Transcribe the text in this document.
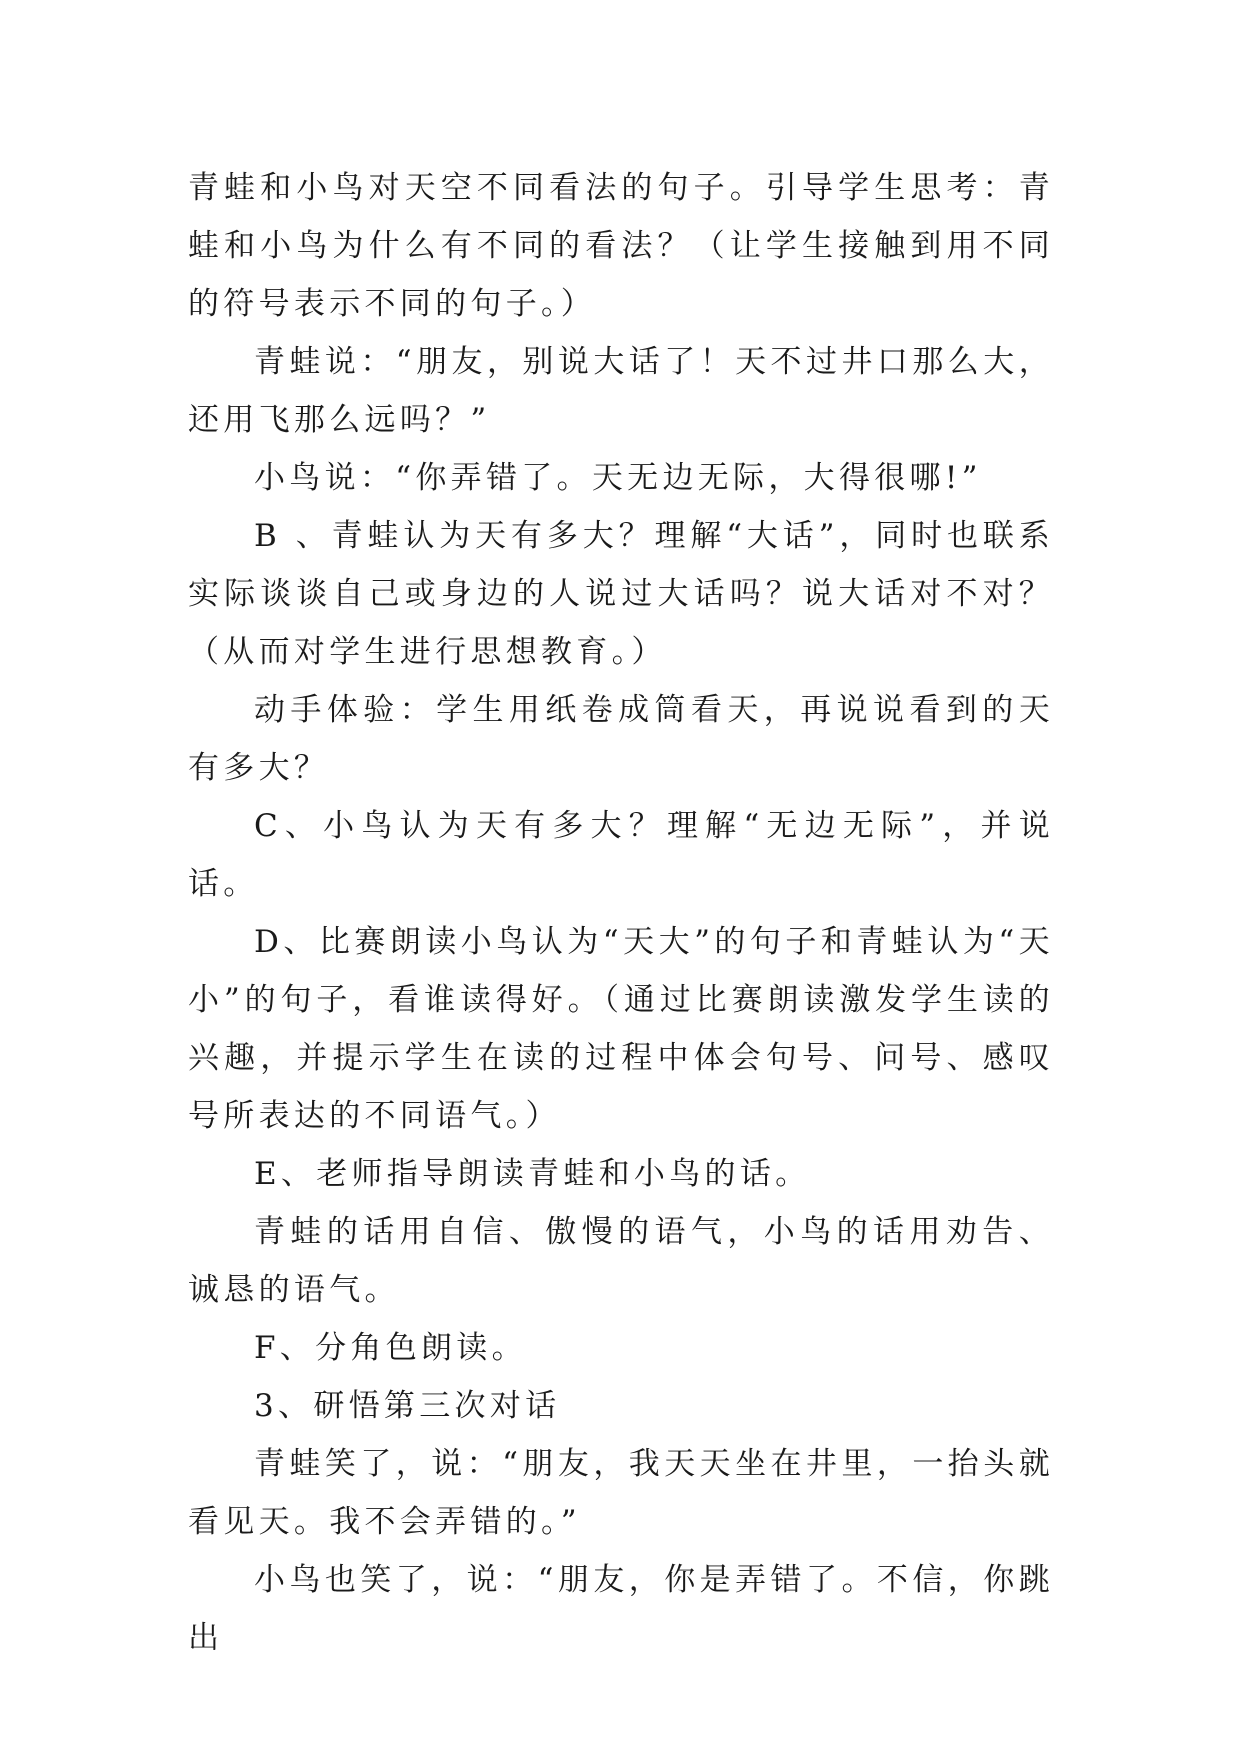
青蛙和小鸟对天空不同看法的句子。引导学生思考：青蛙和小鸟为什么有不同的看法？（让学生接触到用不同的符号表示不同的句子。）

青蛙说：“朋友，别说大话了！天不过井口那么大，还用飞那么远吗？”

小鸟说：“你弄错了。天无边无际，大得很哪!”

B 、青蛙认为天有多大？理解“大话”，同时也联系实际谈谈自己或身边的人说过大话吗？说大话对不对？（从而对学生进行思想教育。）

动手体验：学生用纸卷成筒看天，再说说看到的天有多大？

C、小鸟认为天有多大？理解“无边无际”，并说话。

D、比赛朗读小鸟认为“天大”的句子和青蛙认为“天小”的句子，看谁读得好。（通过比赛朗读激发学生读的兴趣，并提示学生在读的过程中体会句号、问号、感叹号所表达的不同语气。）

E、老师指导朗读青蛙和小鸟的话。

青蛙的话用自信、傲慢的语气，小鸟的话用劝告、诚恳的语气。

F、分角色朗读。

3、研悟第三次对话

青蛙笑了，说：“朋友，我天天坐在井里，一抬头就看见天。我不会弄错的。”

小鸟也笑了，说：“朋友，你是弄错了。不信，你跳出
